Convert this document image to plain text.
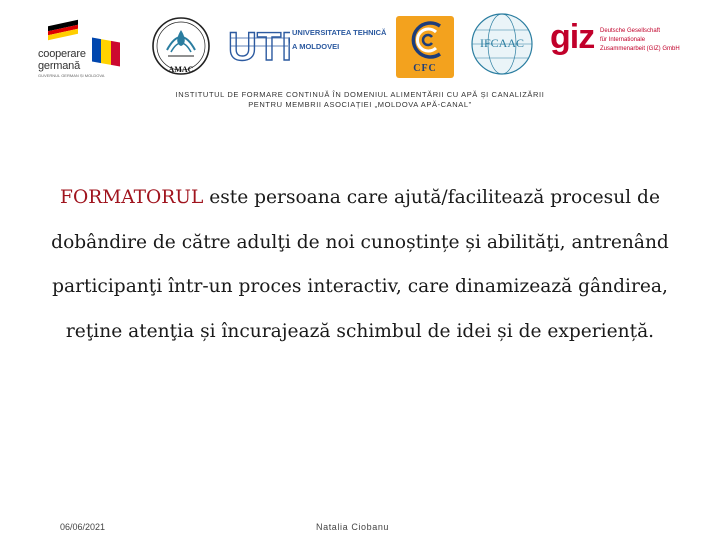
cooperare
germană
GUVERNUL GERMAN ȘI MOLDOVA
AMAC
UT	UNIVERSITATEA TEHNICĂ
A MOLDOVEI
CFC
IFCAAC giz Deutsche Gesellschaft
für Internationale
Zusammenarbeit (GIZ) GmbH
INSTITUTUL DE FORMARE CONTINUĂ ÎN DOMENIUL ALIMENTĂRII CU APĂ ȘI CANALIZĂRII
PENTRU MEMBRII ASOCIAȚIEI „MOLDOVA APĂ-CANAL”
FORMATORUL este persoana care ajută/facilitează procesul de dobândire de către adulţi de noi cunoștințe și abilităţi, antrenând participanţi într-un proces interactiv, care dinamizează gândirea, reţine atenţia și încurajează schimbul de idei și de experiență.
06/06/2021	Natalia Ciobanu
